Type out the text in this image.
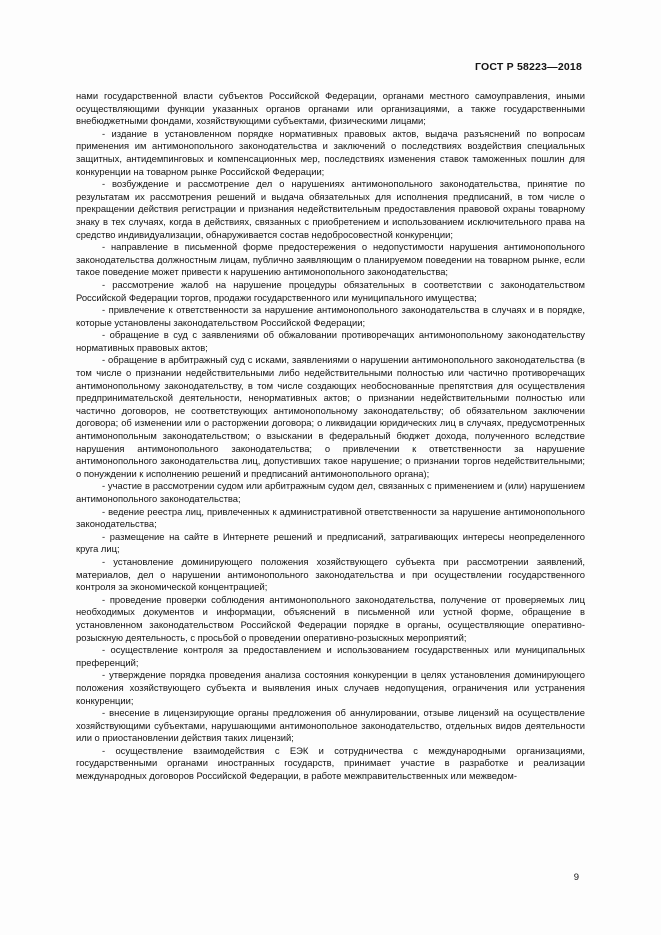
ГОСТ Р 58223—2018

нами государственной власти субъектов Российской Федерации, органами местного самоуправления, иными осуществляющими функции указанных органов органами или организациями, а также государственными внебюджетными фондами, хозяйствующими субъектами, физическими лицами;

- издание в установленном порядке нормативных правовых актов, выдача разъяснений по вопросам применения им антимонопольного законодательства и заключений о последствиях воздействия специальных защитных, антидемпинговых и компенсационных мер, последствиях изменения ставок таможенных пошлин для конкуренции на товарном рынке Российской Федерации;

- возбуждение и рассмотрение дел о нарушениях антимонопольного законодательства, принятие по результатам их рассмотрения решений и выдача обязательных для исполнения предписаний, в том числе о прекращении действия регистрации и признания недействительным предоставления правовой охраны товарному знаку в тех случаях, когда в действиях, связанных с приобретением и использованием исключительного права на средство индивидуализации, обнаруживается состав недобросовестной конкуренции;

- направление в письменной форме предостережения о недопустимости нарушения антимонопольного законодательства должностным лицам, публично заявляющим о планируемом поведении на товарном рынке, если такое поведение может привести к нарушению антимонопольного законодательства;

- рассмотрение жалоб на нарушение процедуры обязательных в соответствии с законодательством Российской Федерации торгов, продажи государственного или муниципального имущества;

- привлечение к ответственности за нарушение антимонопольного законодательства в случаях и в порядке, которые установлены законодательством Российской Федерации;

- обращение в суд с заявлениями об обжаловании противоречащих антимонопольному законодательству нормативных правовых актов;

- обращение в арбитражный суд с исками, заявлениями о нарушении антимонопольного законодательства (в том числе о признании недействительными либо недействительными полностью или частично противоречащих антимонопольному законодательству, в том числе создающих необоснованные препятствия для осуществления предпринимательской деятельности, ненормативных актов; о признании недействительными полностью или частично договоров, не соответствующих антимонопольному законодательству; об обязательном заключении договора; об изменении или о расторжении договора; о ликвидации юридических лиц в случаях, предусмотренных антимонопольным законодательством; о взыскании в федеральный бюджет дохода, полученного вследствие нарушения антимонопольного законодательства; о привлечении к ответственности за нарушение антимонопольного законодательства лиц, допустивших такое нарушение; о признании торгов недействительными; о понуждении к исполнению решений и предписаний антимонопольного органа);

- участие в рассмотрении судом или арбитражным судом дел, связанных с применением и (или) нарушением антимонопольного законодательства;

- ведение реестра лиц, привлеченных к административной ответственности за нарушение антимонопольного законодательства;

- размещение на сайте в Интернете решений и предписаний, затрагивающих интересы неопределенного круга лиц;

- установление доминирующего положения хозяйствующего субъекта при рассмотрении заявлений, материалов, дел о нарушении антимонопольного законодательства и при осуществлении государственного контроля за экономической концентрацией;

- проведение проверки соблюдения антимонопольного законодательства, получение от проверяемых лиц необходимых документов и информации, объяснений в письменной или устной форме, обращение в установленном законодательством Российской Федерации порядке в органы, осуществляющие оперативно-розыскную деятельность, с просьбой о проведении оперативно-розыскных мероприятий;

- осуществление контроля за предоставлением и использованием государственных или муниципальных преференций;

- утверждение порядка проведения анализа состояния конкуренции в целях установления доминирующего положения хозяйствующего субъекта и выявления иных случаев недопущения, ограничения или устранения конкуренции;

- внесение в лицензирующие органы предложения об аннулировании, отзыве лицензий на осуществление хозяйствующими субъектами, нарушающими антимонопольное законодательство, отдельных видов деятельности или о приостановлении действия таких лицензий;

- осуществление взаимодействия с ЕЭК и сотрудничества с международными организациями, государственными органами иностранных государств, принимает участие в разработке и реализации международных договоров Российской Федерации, в работе межправительственных или межведом-

9
